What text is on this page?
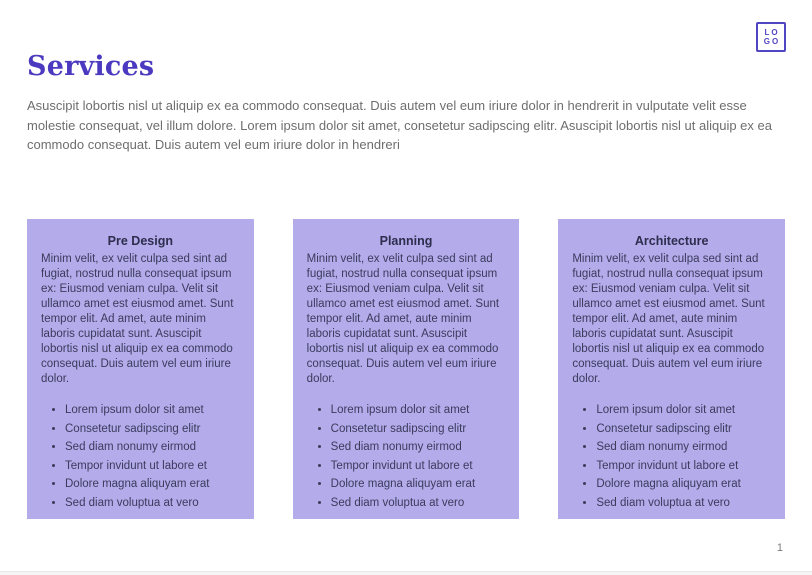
LO
GO
Services

Asuscipit lobortis nisl ut aliquip ex ea commodo consequat. Duis autem vel eum iriure dolor in hendrerit in vulputate velit esse molestie consequat, vel illum dolore. Lorem ipsum dolor sit amet, consetetur sadipscing elitr. Asuscipit lobortis nisl ut aliquip ex ea commodo consequat. Duis autem vel eum iriure dolor in hendreri

Pre Design

Minim velit, ex velit culpa sed sint ad fugiat, nostrud nulla consequat ipsum ex: Eiusmod veniam culpa. Velit sit ullamco amet est eiusmod amet. Sunt tempor elit. Ad amet, aute minim laboris cupidatat sunt. Asuscipit lobortis nisl ut aliquip ex ea commodo consequat. Duis autem vel eum iriure dolor.

• Lorem ipsum dolor sit amet
• Consetetur sadipscing elitr
• Sed diam nonumy eirmod
• Tempor invidunt ut labore et
• Dolore magna aliquyam erat
• Sed diam voluptua at vero
Planning

Minim velit, ex velit culpa sed sint ad fugiat, nostrud nulla consequat ipsum ex: Eiusmod veniam culpa. Velit sit ullamco amet est eiusmod amet. Sunt tempor elit. Ad amet, aute minim laboris cupidatat sunt. Asuscipit lobortis nisl ut aliquip ex ea commodo consequat. Duis autem vel eum iriure dolor.

• Lorem ipsum dolor sit amet
• Consetetur sadipscing elitr
• Sed diam nonumy eirmod
• Tempor invidunt ut labore et
• Dolore magna aliquyam erat
• Sed diam voluptua at vero
Architecture

Minim velit, ex velit culpa sed sint ad fugiat, nostrud nulla consequat ipsum ex: Eiusmod veniam culpa. Velit sit ullamco amet est eiusmod amet. Sunt tempor elit. Ad amet, aute minim laboris cupidatat sunt. Asuscipit lobortis nisl ut aliquip ex ea commodo consequat. Duis autem vel eum iriure dolor.

• Lorem ipsum dolor sit amet
• Consetetur sadipscing elitr
• Sed diam nonumy eirmod
• Tempor invidunt ut labore et
• Dolore magna aliquyam erat
• Sed diam voluptua at vero
1
